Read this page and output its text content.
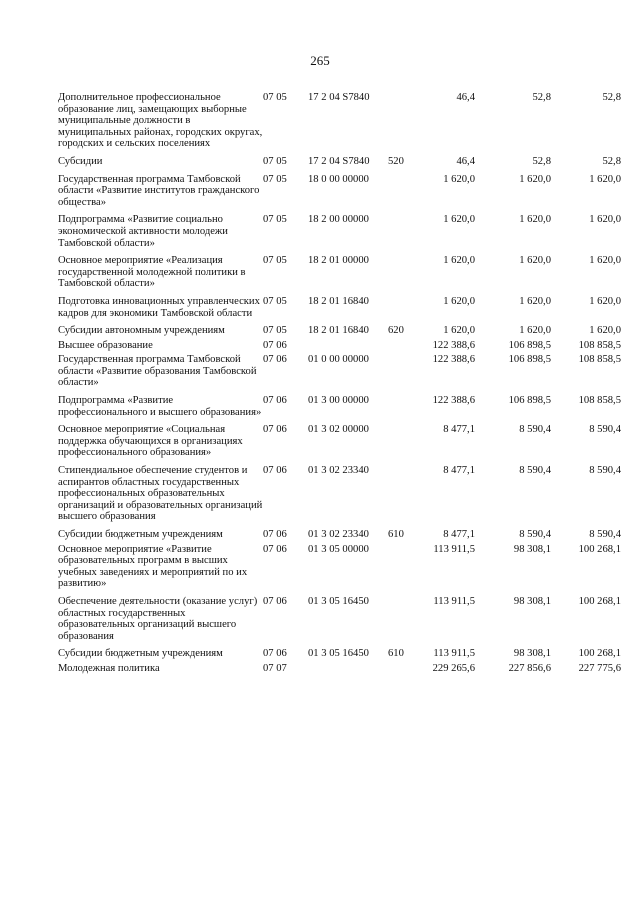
265
Дополнительное профессиональное образование лиц, замещающих выборные муниципальные должности в муниципальных районах, городских округах, городских и сельских поселениях	07 05	17 2 04 S7840		46,4	52,8	52,8
Субсидии	07 05	17 2 04 S7840	520	46,4	52,8	52,8
Государственная программа Тамбовской области «Развитие институтов гражданского общества»	07 05	18 0 00 00000		1 620,0	1 620,0	1 620,0
Подпрограмма «Развитие социально экономической активности молодежи Тамбовской области»	07 05	18 2 00 00000		1 620,0	1 620,0	1 620,0
Основное мероприятие «Реализация государственной молодежной политики в Тамбовской области»	07 05	18 2 01 00000		1 620,0	1 620,0	1 620,0
Подготовка инновационных управленческих кадров для экономики Тамбовской области	07 05	18 2 01 16840		1 620,0	1 620,0	1 620,0
Субсидии автономным учреждениям	07 05	18 2 01 16840	620	1 620,0	1 620,0	1 620,0
Высшее образование	07 06			122 388,6	106 898,5	108 858,5
Государственная программа Тамбовской области «Развитие образования Тамбовской области»	07 06	01 0 00 00000		122 388,6	106 898,5	108 858,5
Подпрограмма «Развитие профессионального и высшего образования»	07 06	01 3 00 00000		122 388,6	106 898,5	108 858,5
Основное мероприятие «Социальная поддержка обучающихся в организациях профессионального образования»	07 06	01 3 02 00000		8 477,1	8 590,4	8 590,4
Стипендиальное обеспечение студентов и аспирантов областных государственных профессиональных образовательных организаций и образовательных организаций высшего образования	07 06	01 3 02 23340		8 477,1	8 590,4	8 590,4
Субсидии бюджетным учреждениям	07 06	01 3 02 23340	610	8 477,1	8 590,4	8 590,4
Основное мероприятие «Развитие образовательных программ в высших учебных заведениях и мероприятий по их развитию»	07 06	01 3 05 00000		113 911,5	98 308,1	100 268,1
Обеспечение деятельности (оказание услуг) областных государственных образовательных организаций высшего образования	07 06	01 3 05 16450		113 911,5	98 308,1	100 268,1
Субсидии бюджетным учреждениям	07 06	01 3 05 16450	610	113 911,5	98 308,1	100 268,1
Молодежная политика	07 07			229 265,6	227 856,6	227 775,6
